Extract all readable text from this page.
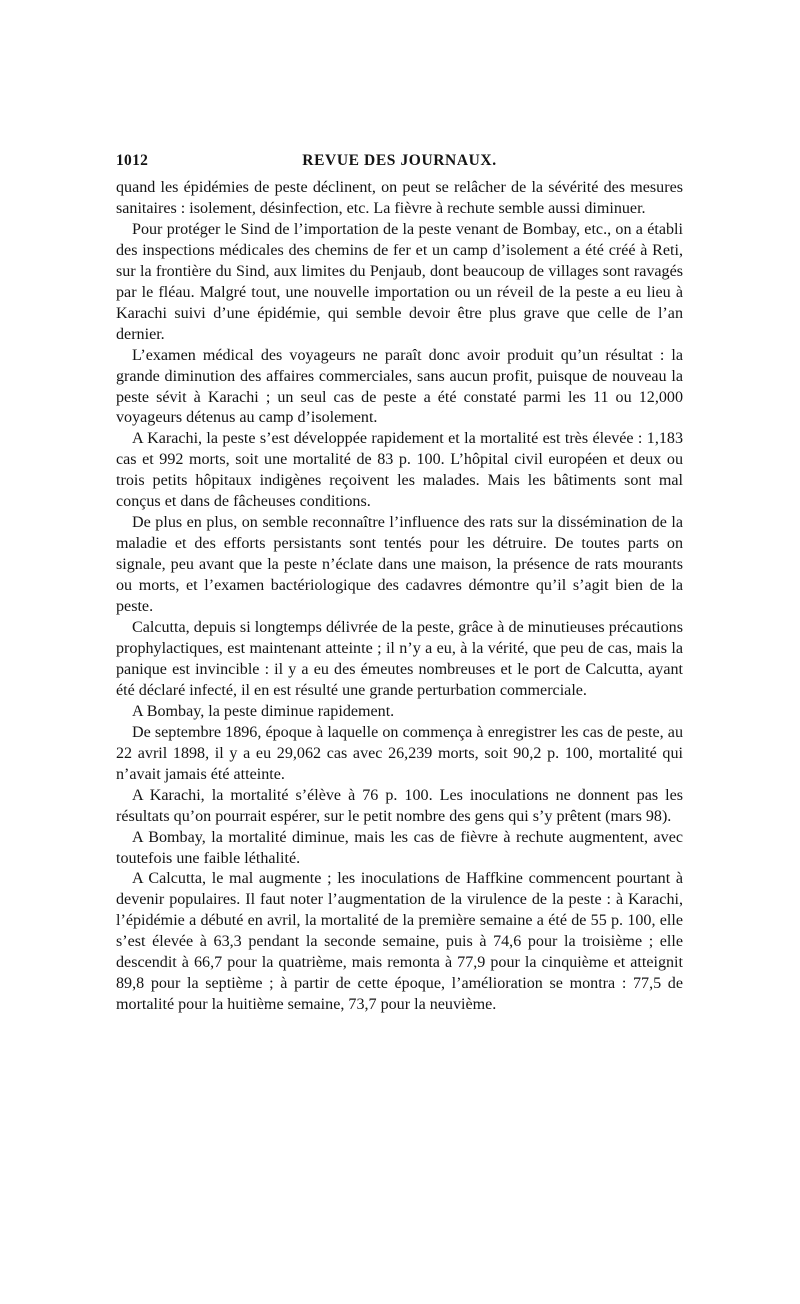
1012	REVUE DES JOURNAUX.

quand les épidémies de peste déclinent, on peut se relâcher de la sévérité des mesures sanitaires : isolement, désinfection, etc. La fièvre à rechute semble aussi diminuer.

Pour protéger le Sind de l’importation de la peste venant de Bombay, etc., on a établi des inspections médicales des chemins de fer et un camp d’isolement a été créé à Reti, sur la frontière du Sind, aux limites du Penjaub, dont beaucoup de villages sont ravagés par le fléau. Malgré tout, une nouvelle importation ou un réveil de la peste a eu lieu à Karachi suivi d’une épidémie, qui semble devoir être plus grave que celle de l’an dernier.

L’examen médical des voyageurs ne paraît donc avoir produit qu’un résultat : la grande diminution des affaires commerciales, sans aucun profit, puisque de nouveau la peste sévit à Karachi ; un seul cas de peste a été constaté parmi les 11 ou 12,000 voyageurs détenus au camp d’isolement.

A Karachi, la peste s’est développée rapidement et la mortalité est très élevée : 1,183 cas et 992 morts, soit une mortalité de 83 p. 100. L’hôpital civil européen et deux ou trois petits hôpitaux indigènes reçoivent les malades. Mais les bâtiments sont mal conçus et dans de fâcheuses conditions.

De plus en plus, on semble reconnaître l’influence des rats sur la dissémination de la maladie et des efforts persistants sont tentés pour les détruire. De toutes parts on signale, peu avant que la peste n’éclate dans une maison, la présence de rats mourants ou morts, et l’examen bactériologique des cadavres démontre qu’il s’agit bien de la peste.

Calcutta, depuis si longtemps délivrée de la peste, grâce à de minutieuses précautions prophylactiques, est maintenant atteinte ; il n’y a eu, à la vérité, que peu de cas, mais la panique est invincible : il y a eu des émeutes nombreuses et le port de Calcutta, ayant été déclaré infecté, il en est résulté une grande perturbation commerciale.

A Bombay, la peste diminue rapidement.

De septembre 1896, époque à laquelle on commença à enregistrer les cas de peste, au 22 avril 1898, il y a eu 29,062 cas avec 26,239 morts, soit 90,2 p. 100, mortalité qui n’avait jamais été atteinte.

A Karachi, la mortalité s’élève à 76 p. 100. Les inoculations ne donnent pas les résultats qu’on pourrait espérer, sur le petit nombre des gens qui s’y prêtent (mars 98).

A Bombay, la mortalité diminue, mais les cas de fièvre à rechute augmentent, avec toutefois une faible léthalité.

A Calcutta, le mal augmente ; les inoculations de Haffkine commencent pourtant à devenir populaires. Il faut noter l’augmentation de la virulence de la peste : à Karachi, l’épidémie a débuté en avril, la mortalité de la première semaine a été de 55 p. 100, elle s’est élevée à 63,3 pendant la seconde semaine, puis à 74,6 pour la troisième ; elle descendit à 66,7 pour la quatrième, mais remonta à 77,9 pour la cinquième et atteignit 89,8 pour la septième ; à partir de cette époque, l’amélioration se montra : 77,5 de mortalité pour la huitième semaine, 73,7 pour la neuvième.
